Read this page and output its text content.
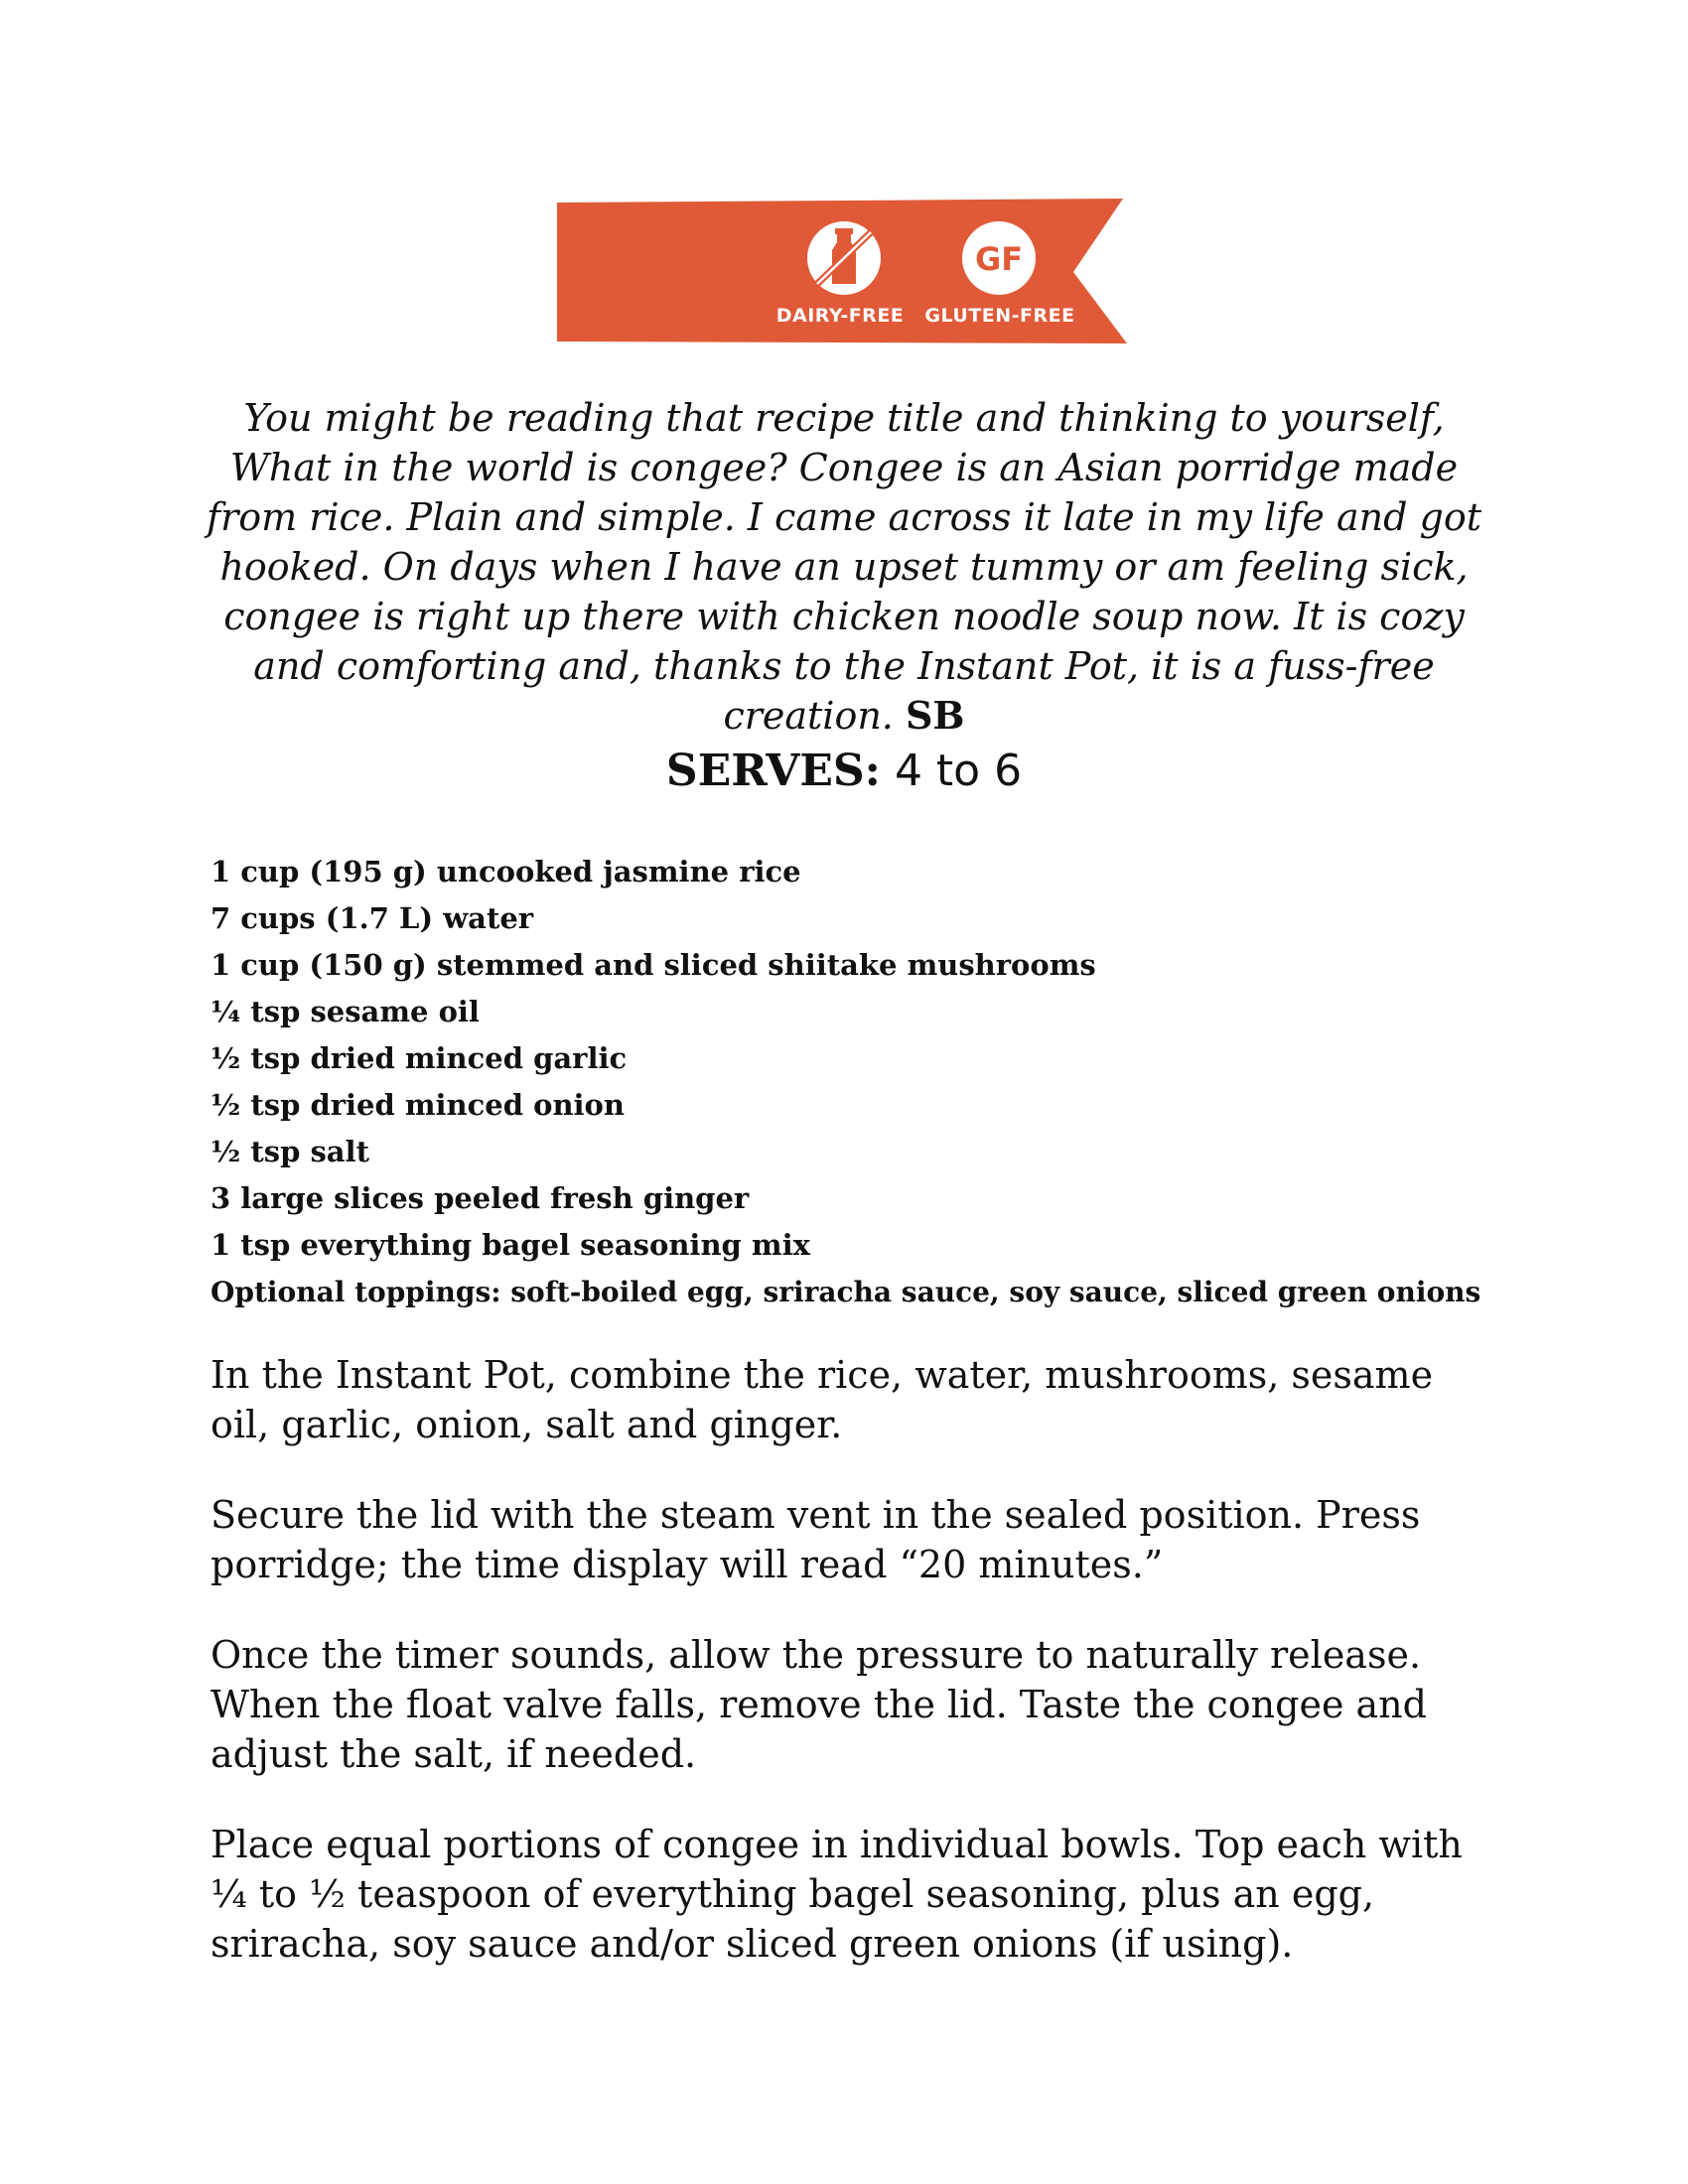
GF
DAIRY-FREE GLUTEN-FREE

You might be reading that recipe title and thinking to yourself, What in the world is congee? Congee is an Asian porridge made from rice. Plain and simple. I came across it late in my life and got hooked. On days when I have an upset tummy or am feeling sick, congee is right up there with chicken noodle soup now. It is cozy and comforting and, thanks to the Instant Pot, it is a fuss-free creation. SB

SERVES: 4 to 6
1 cup (195 g) uncooked jasmine rice
7 cups (1.7 L) water
1 cup (150 g) stemmed and sliced shiitake mushrooms
¼ tsp sesame oil
½ tsp dried minced garlic
½ tsp dried minced onion
½ tsp salt
3 large slices peeled fresh ginger
1 tsp everything bagel seasoning mix
Optional toppings: soft-boiled egg, sriracha sauce, soy sauce, sliced green onions

In the Instant Pot, combine the rice, water, mushrooms, sesame oil, garlic, onion, salt and ginger.

Secure the lid with the steam vent in the sealed position. Press porridge; the time display will read “20 minutes.”

Once the timer sounds, allow the pressure to naturally release. When the float valve falls, remove the lid. Taste the congee and adjust the salt, if needed.

Place equal portions of congee in individual bowls. Top each with ¼ to ½ teaspoon of everything bagel seasoning, plus an egg, sriracha, soy sauce and/or sliced green onions (if using).
